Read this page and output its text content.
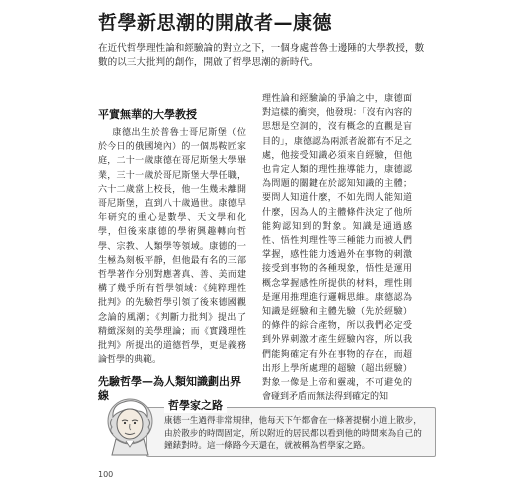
哲學新思潮的開啟者—康德
在近代哲學理性論和經驗論的對立之下，一個身處普魯士邊陲的大學教授，數數的以三大批判的創作，開啟了哲學思潮的新時代。
平實無華的大學教授

康德出生於普魯士哥尼斯堡（位於今日的俄國境內）的一個馬鞍匠家庭，二十一歲康德在哥尼斯堡大學畢業，三十一歲於哥尼斯堡大學任職，六十二歲當上校長，他一生幾未離開哥尼斯堡，直到八十歲過世。康德早年研究的重心是數學、天文學和化學，但後來康德的學術興趣轉向哲學、宗教、人類學等領域。康德的一生極為刻板平靜，但他最有名的三部哲學著作分別對應著真、善、美而建構了幾乎所有哲學領域：《純粹理性批判》的先驗哲學引領了後來德國觀念論的風潮；《判斷力批判》提出了精緻深刻的美學理論；而《實踐理性批判》所提出的道德哲學，更是義務論哲學的典範。

先驗哲學—為人類知識劃出界
線

理性論和經驗論的爭論之中，康德面對這樣的衝突，他發現：「沒有內容的思想是空洞的，沒有概念的直觀是盲目的」，康德認為兩派者說都有不足之處，他接受知識必須來自經驗，但他也肯定人類的理性推導能力，康德認為問題的關鍵在於認知知識的主體；要問人知道什麼，不如先問人能知道什麼，因為人的主體條件決定了他所能夠認知到的對象。知識是通過感性、悟性判理性等三種能力而被人們掌握，感性能力透過外在事物的刺激接受到事物的各種現象，悟性是運用概念掌握感性所提供的材料，理性則是運用推理進行邏輯思維。康德認為知識是經驗和主體先驗（先於經驗）的條件的綜合產物，所以我們必定受到外界刺激才產生經驗內容，所以我們能夠確定有外在事物的存在，而超出形上學所處理的超驗（超出經驗）對象一像是上帝和靈魂，不可避免的會碰到矛盾而無法得到確定的知

哲學家之路
康德一生過得非常規律，他每天下午都會在一條著提樹小道上散步，由於散步的時間固定，所以附近的居民都以看到他的時間來為自己的鐘錶對時。這一條路今天還在，就被稱為哲學家之路。
100
